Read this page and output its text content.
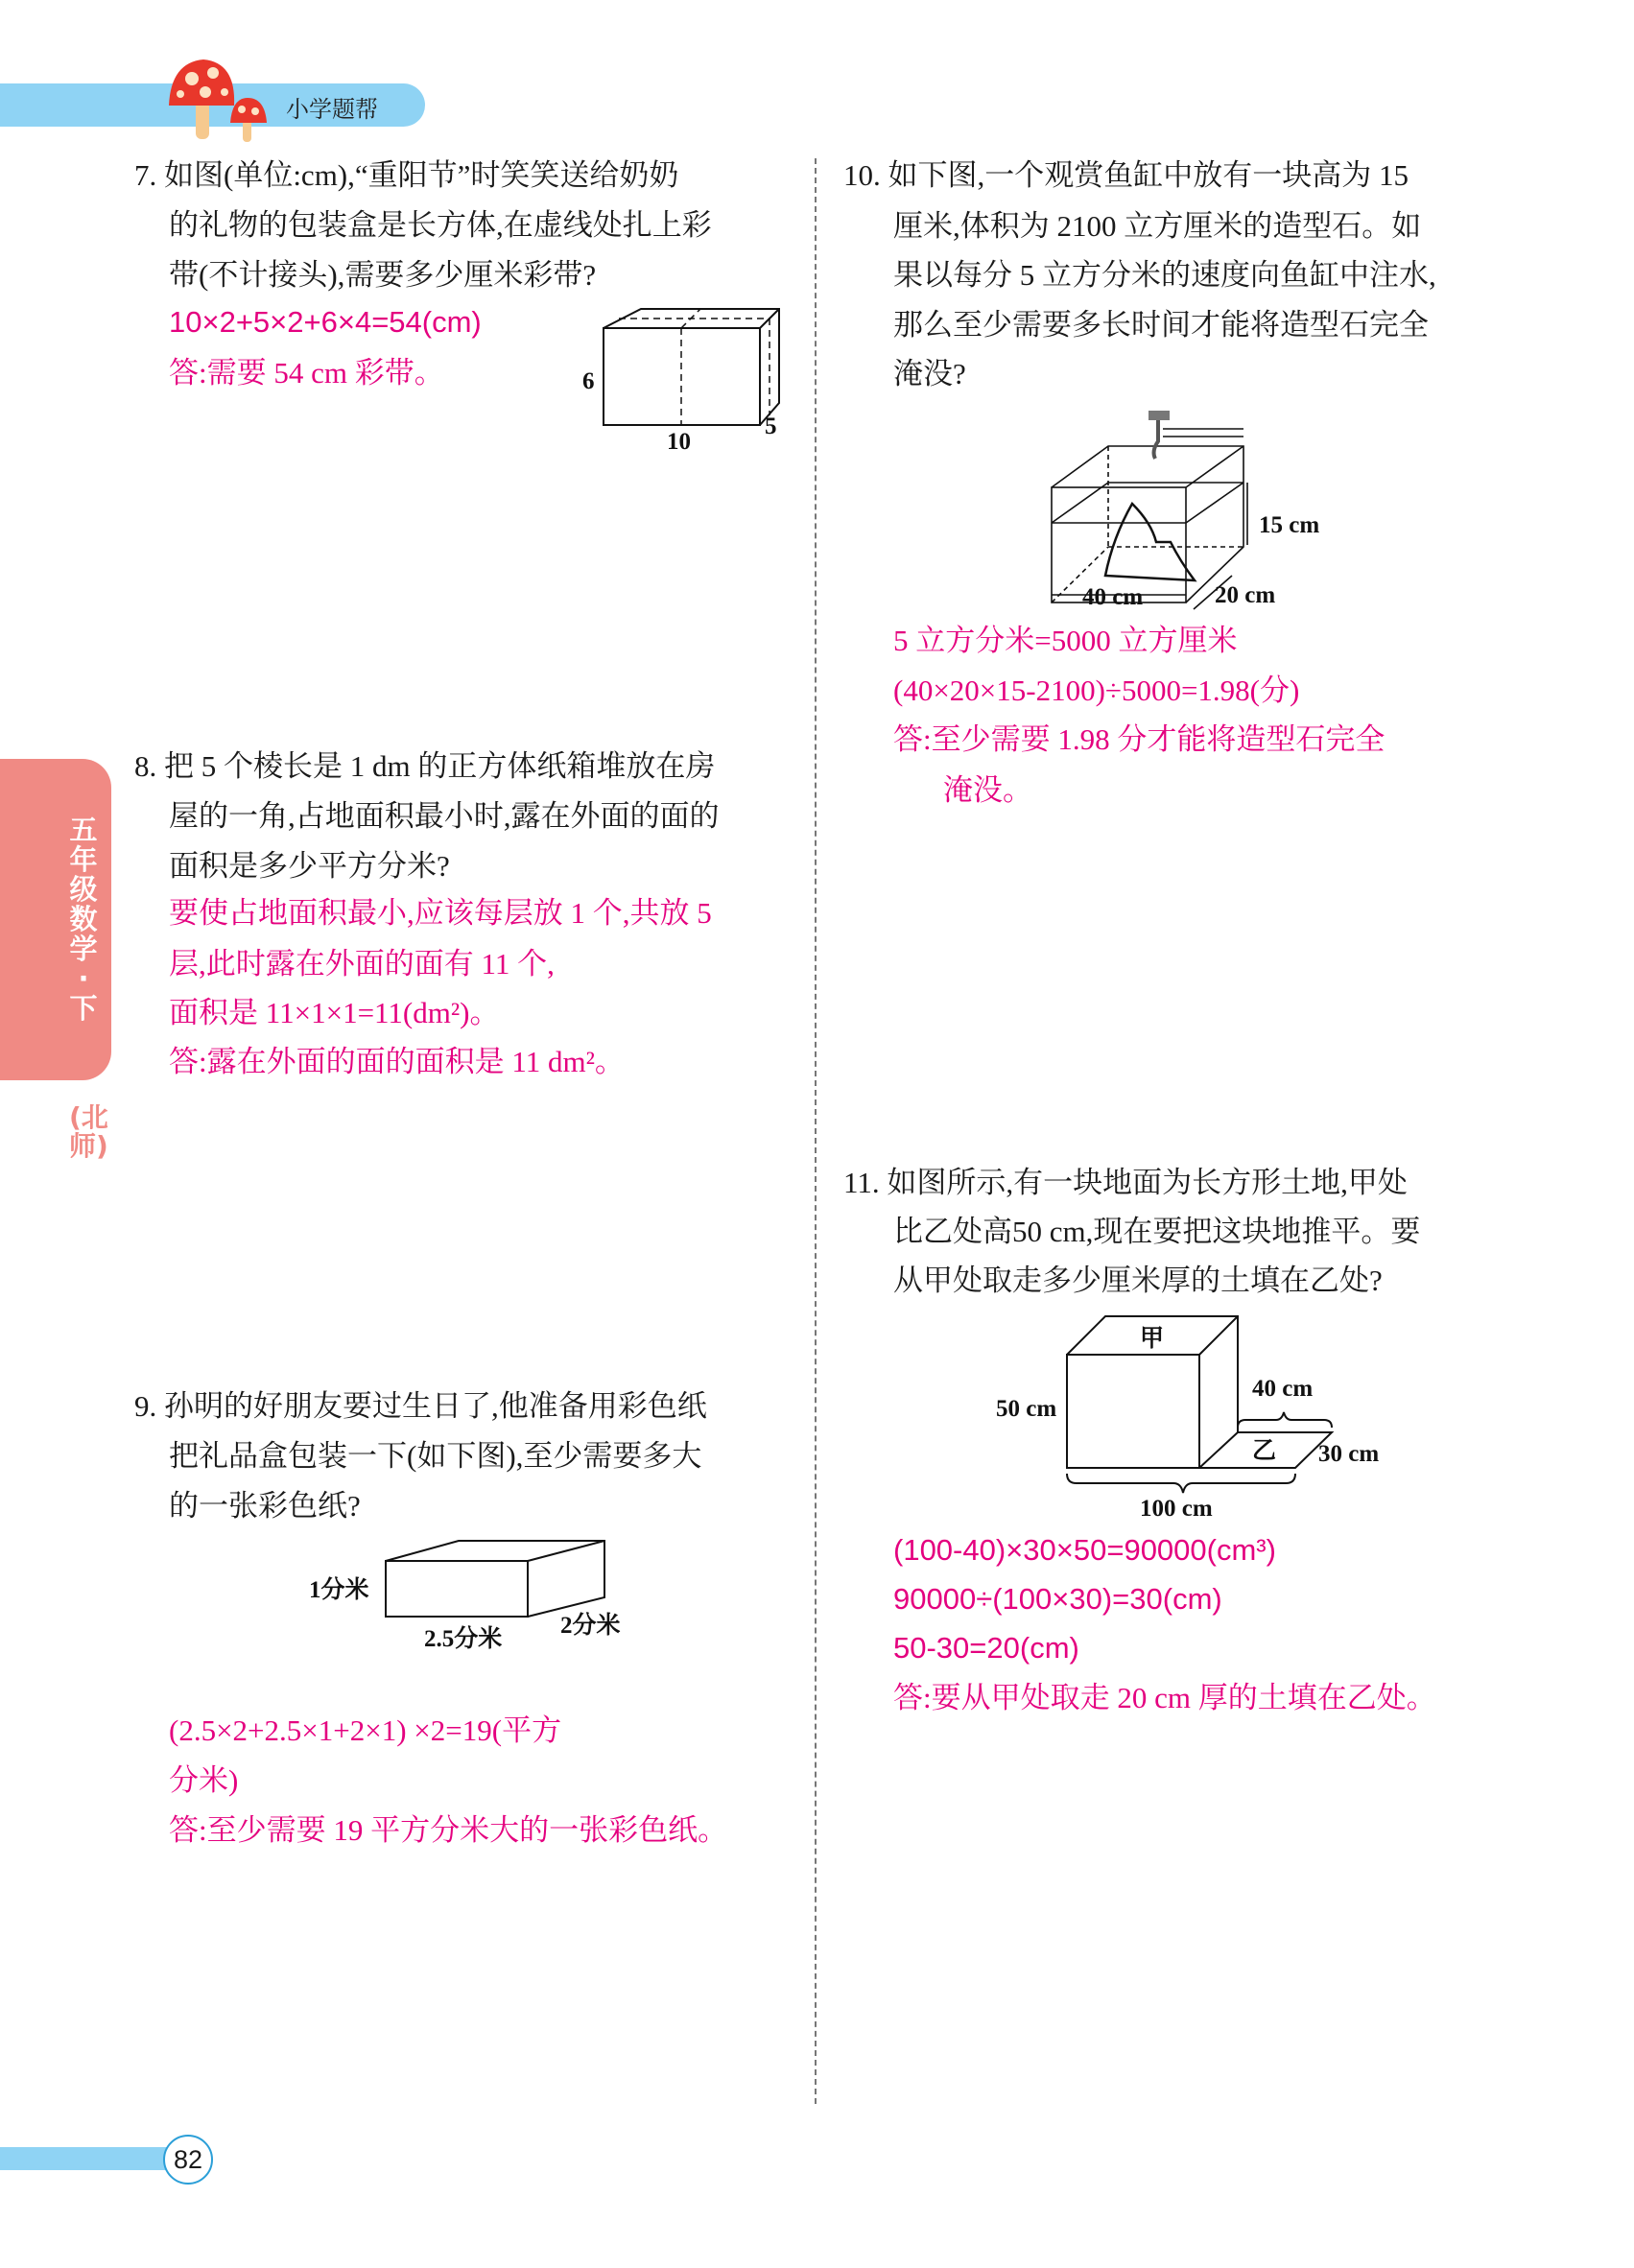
小学题帮
五年级数学·下
(北师)
7. 如图(单位:cm),“重阳节”时笑笑送给奶奶
的礼物的包装盒是长方体,在虚线处扎上彩
带(不计接头),需要多少厘米彩带?
10×2+5×2+6×4=54(cm)
答:需要 54 cm 彩带。	6
10
5
8. 把 5 个棱长是 1 dm 的正方体纸箱堆放在房
屋的一角,占地面积最小时,露在外面的面的
面积是多少平方分米?
要使占地面积最小,应该每层放 1 个,共放 5
层,此时露在外面的面有 11 个,
面积是 11×1×1=11(dm²)。
答:露在外面的面的面积是 11 dm²。
9. 孙明的好朋友要过生日了,他准备用彩色纸
把礼品盒包装一下(如下图),至少需要多大
的一张彩色纸?
1分米
2.5分米
2分米
(2.5×2+2.5×1+2×1) ×2=19(平方
分米)
答:至少需要 19 平方分米大的一张彩色纸。
10. 如下图,一个观赏鱼缸中放有一块高为 15
厘米,体积为 2100 立方厘米的造型石。如
果以每分 5 立方分米的速度向鱼缸中注水,
那么至少需要多长时间才能将造型石完全
淹没?
15 cm
40 cm	20 cm
5 立方分米=5000 立方厘米
(40×20×15-2100)÷5000=1.98(分)
答:至少需要 1.98 分才能将造型石完全
淹没。
11. 如图所示,有一块地面为长方形土地,甲处
比乙处高50 cm,现在要把这块地推平。要
从甲处取走多少厘米厚的土填在乙处?
甲
乙
50 cm
40 cm
30 cm
100 cm
(100-40)×30×50=90000(cm³)
90000÷(100×30)=30(cm)
50-30=20(cm)
答:要从甲处取走 20 cm 厚的土填在乙处。
82
